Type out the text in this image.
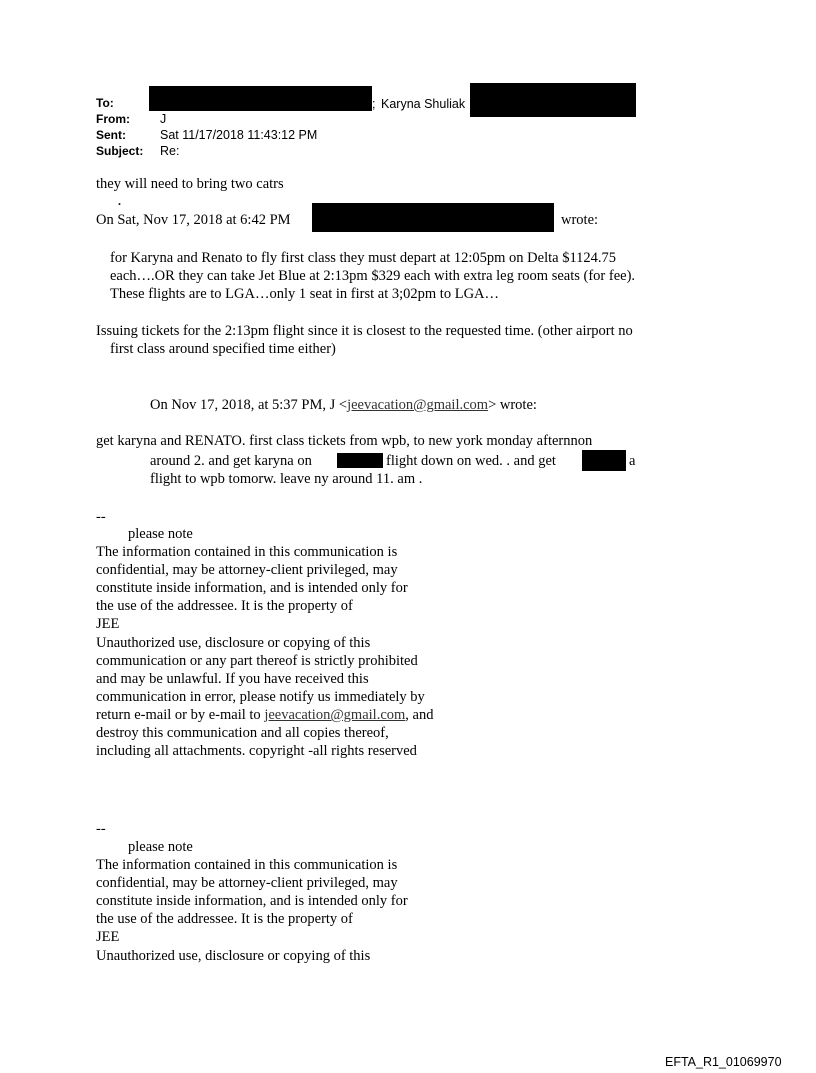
To:	; Karyna Shuliak
From: J
Sent:	Sat 11/17/2018 11:43:12 PM
Subject: Re:
they will need to bring two catrs
.
On Sat, Nov 17, 2018 at 6:42 PM	wrote:
for Karyna and Renato to fly first class they must depart at 12:05pm on Delta $1124.75
each….OR they can take Jet Blue at 2:13pm $329 each with extra leg room seats (for fee).
These flights are to LGA…only 1 seat in first at 3;02pm to LGA…
Issuing tickets for the 2:13pm flight since it is closest to the requested time. (other airport no
first class around specified time either)
On Nov 17, 2018, at 5:37 PM, J <jeevacation@gmail.com> wrote:
get karyna and RENATO. first class tickets from wpb, to new york monday afternnon
around 2. and get karyna on	flight down on wed. . and get	a
flight to wpb tomorw. leave ny around 11. am .
--
please note
The information contained in this communication is
confidential, may be attorney-client privileged, may
constitute inside information, and is intended only for
the use of the addressee. It is the property of
JEE
Unauthorized use, disclosure or copying of this
communication or any part thereof is strictly prohibited
and may be unlawful. If you have received this
communication in error, please notify us immediately by
return e-mail or by e-mail to jeevacation@gmail.com, and
destroy this communication and all copies thereof,
including all attachments. copyright -all rights reserved
--
please note
The information contained in this communication is
confidential, may be attorney-client privileged, may
constitute inside information, and is intended only for
the use of the addressee. It is the property of
JEE
Unauthorized use, disclosure or copying of this
EFTA_R1_01069970
